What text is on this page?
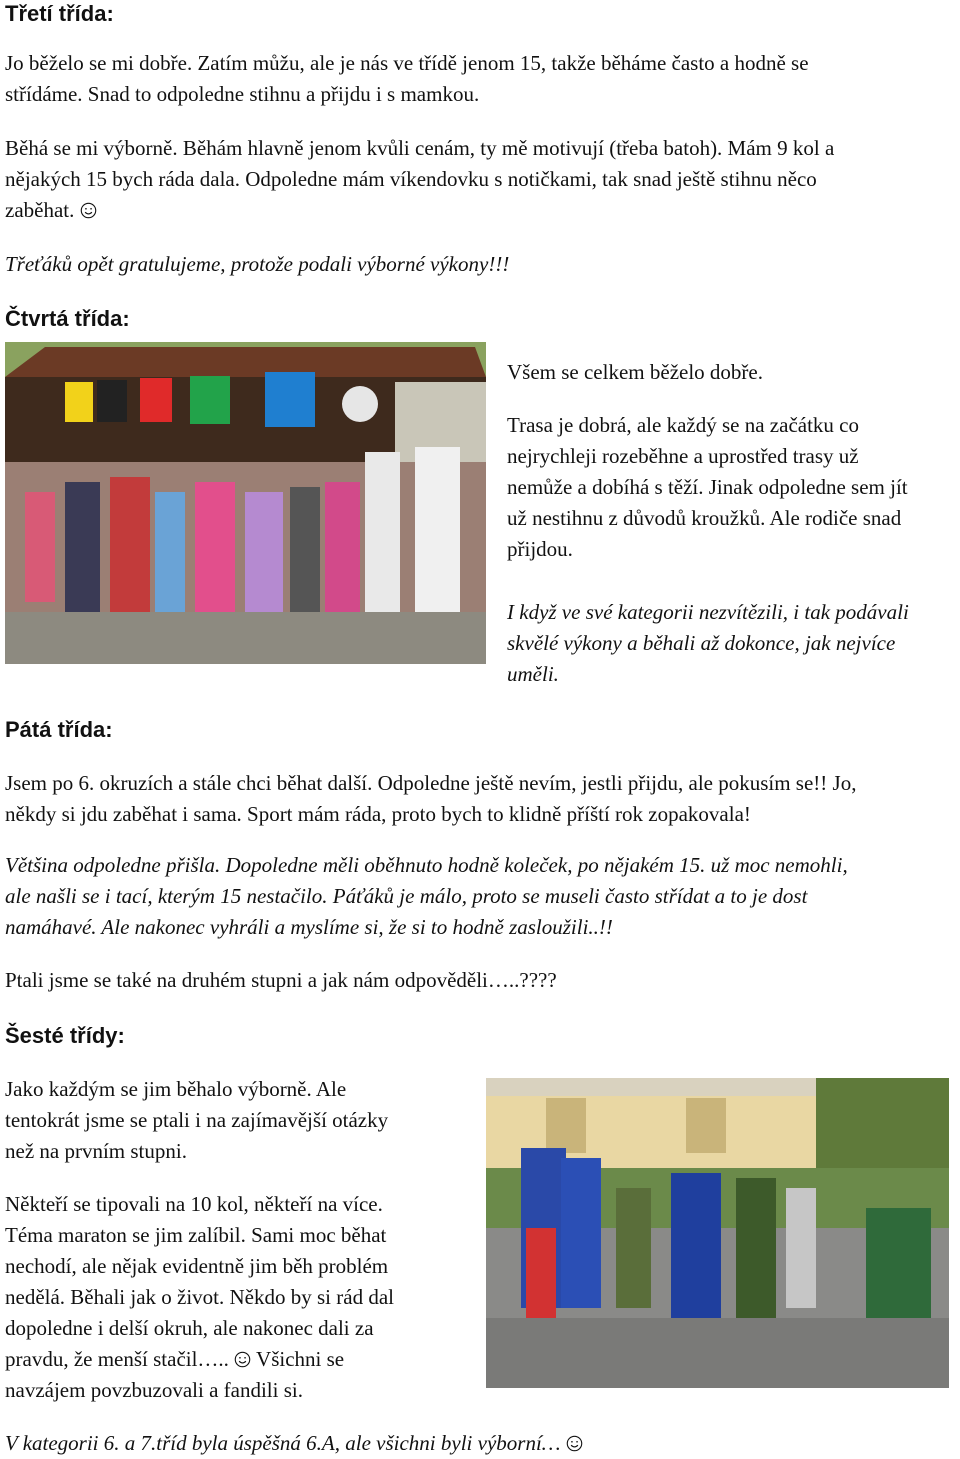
Třetí třída:

Jo běželo se mi dobře. Zatím můžu, ale je nás ve třídě jenom 15, takže běháme často a hodně se
střídáme. Snad to odpoledne stihnu a přijdu i s mamkou.

Běhá se mi výborně. Běhám hlavně jenom kvůli cenám, ty mě motivují (třeba batoh). Mám 9 kol a
nějakých 15 bych ráda dala. Odpoledne mám víkendovku s notičkami, tak snad ještě stihnu něco
zaběhat.

Třeťáků opět gratulujeme, protože podali výborné výkony!!!

Čtvrtá třída:

Všem se celkem běželo dobře.

Trasa je dobrá, ale každý se na začátku co
nejrychleji rozeběhne a uprostřed trasy už
nemůže a dobíhá s těží. Jinak odpoledne sem jít
už nestihnu z důvodů kroužků. Ale rodiče snad
přijdou.

I když ve své kategorii nezvítězili, i tak podávali
skvělé výkony a běhali až dokonce, jak nejvíce
uměli.

Pátá třída:

Jsem po 6. okruzích a stále chci běhat další. Odpoledne ještě nevím, jestli přijdu, ale pokusím se!! Jo,
někdy si jdu zaběhat i sama. Sport mám ráda, proto bych to klidně příští rok zopakovala!

Většina odpoledne přišla. Dopoledne měli oběhnuto hodně koleček, po nějakém 15. už moc nemohli,
ale našli se i tací, kterým 15 nestačilo. Páťáků je málo, proto se museli často střídat a to je dost
namáhavé. Ale nakonec vyhráli a myslíme si, že si to hodně zasloužili..!!

Ptali jsme se také na druhém stupni a jak nám odpověděli…..????

Šesté třídy:

Jako každým se jim běhalo výborně. Ale
tentokrát jsme se ptali i na zajímavější otázky
než na prvním stupni.

Někteří se tipovali na 10 kol, někteří na více.
Téma maraton se jim zalíbil. Sami moc běhat
nechodí, ale nějak evidentně jim běh problém
nedělá. Běhali jak o život. Někdo by si rád dal
dopoledne i delší okruh, ale nakonec dali za
pravdu, že menší stačil…..  Všichni se
navzájem povzbuzovali a fandili si.

V kategorii 6. a 7.tříd byla úspěšná 6.A, ale všichni byli výborní…
